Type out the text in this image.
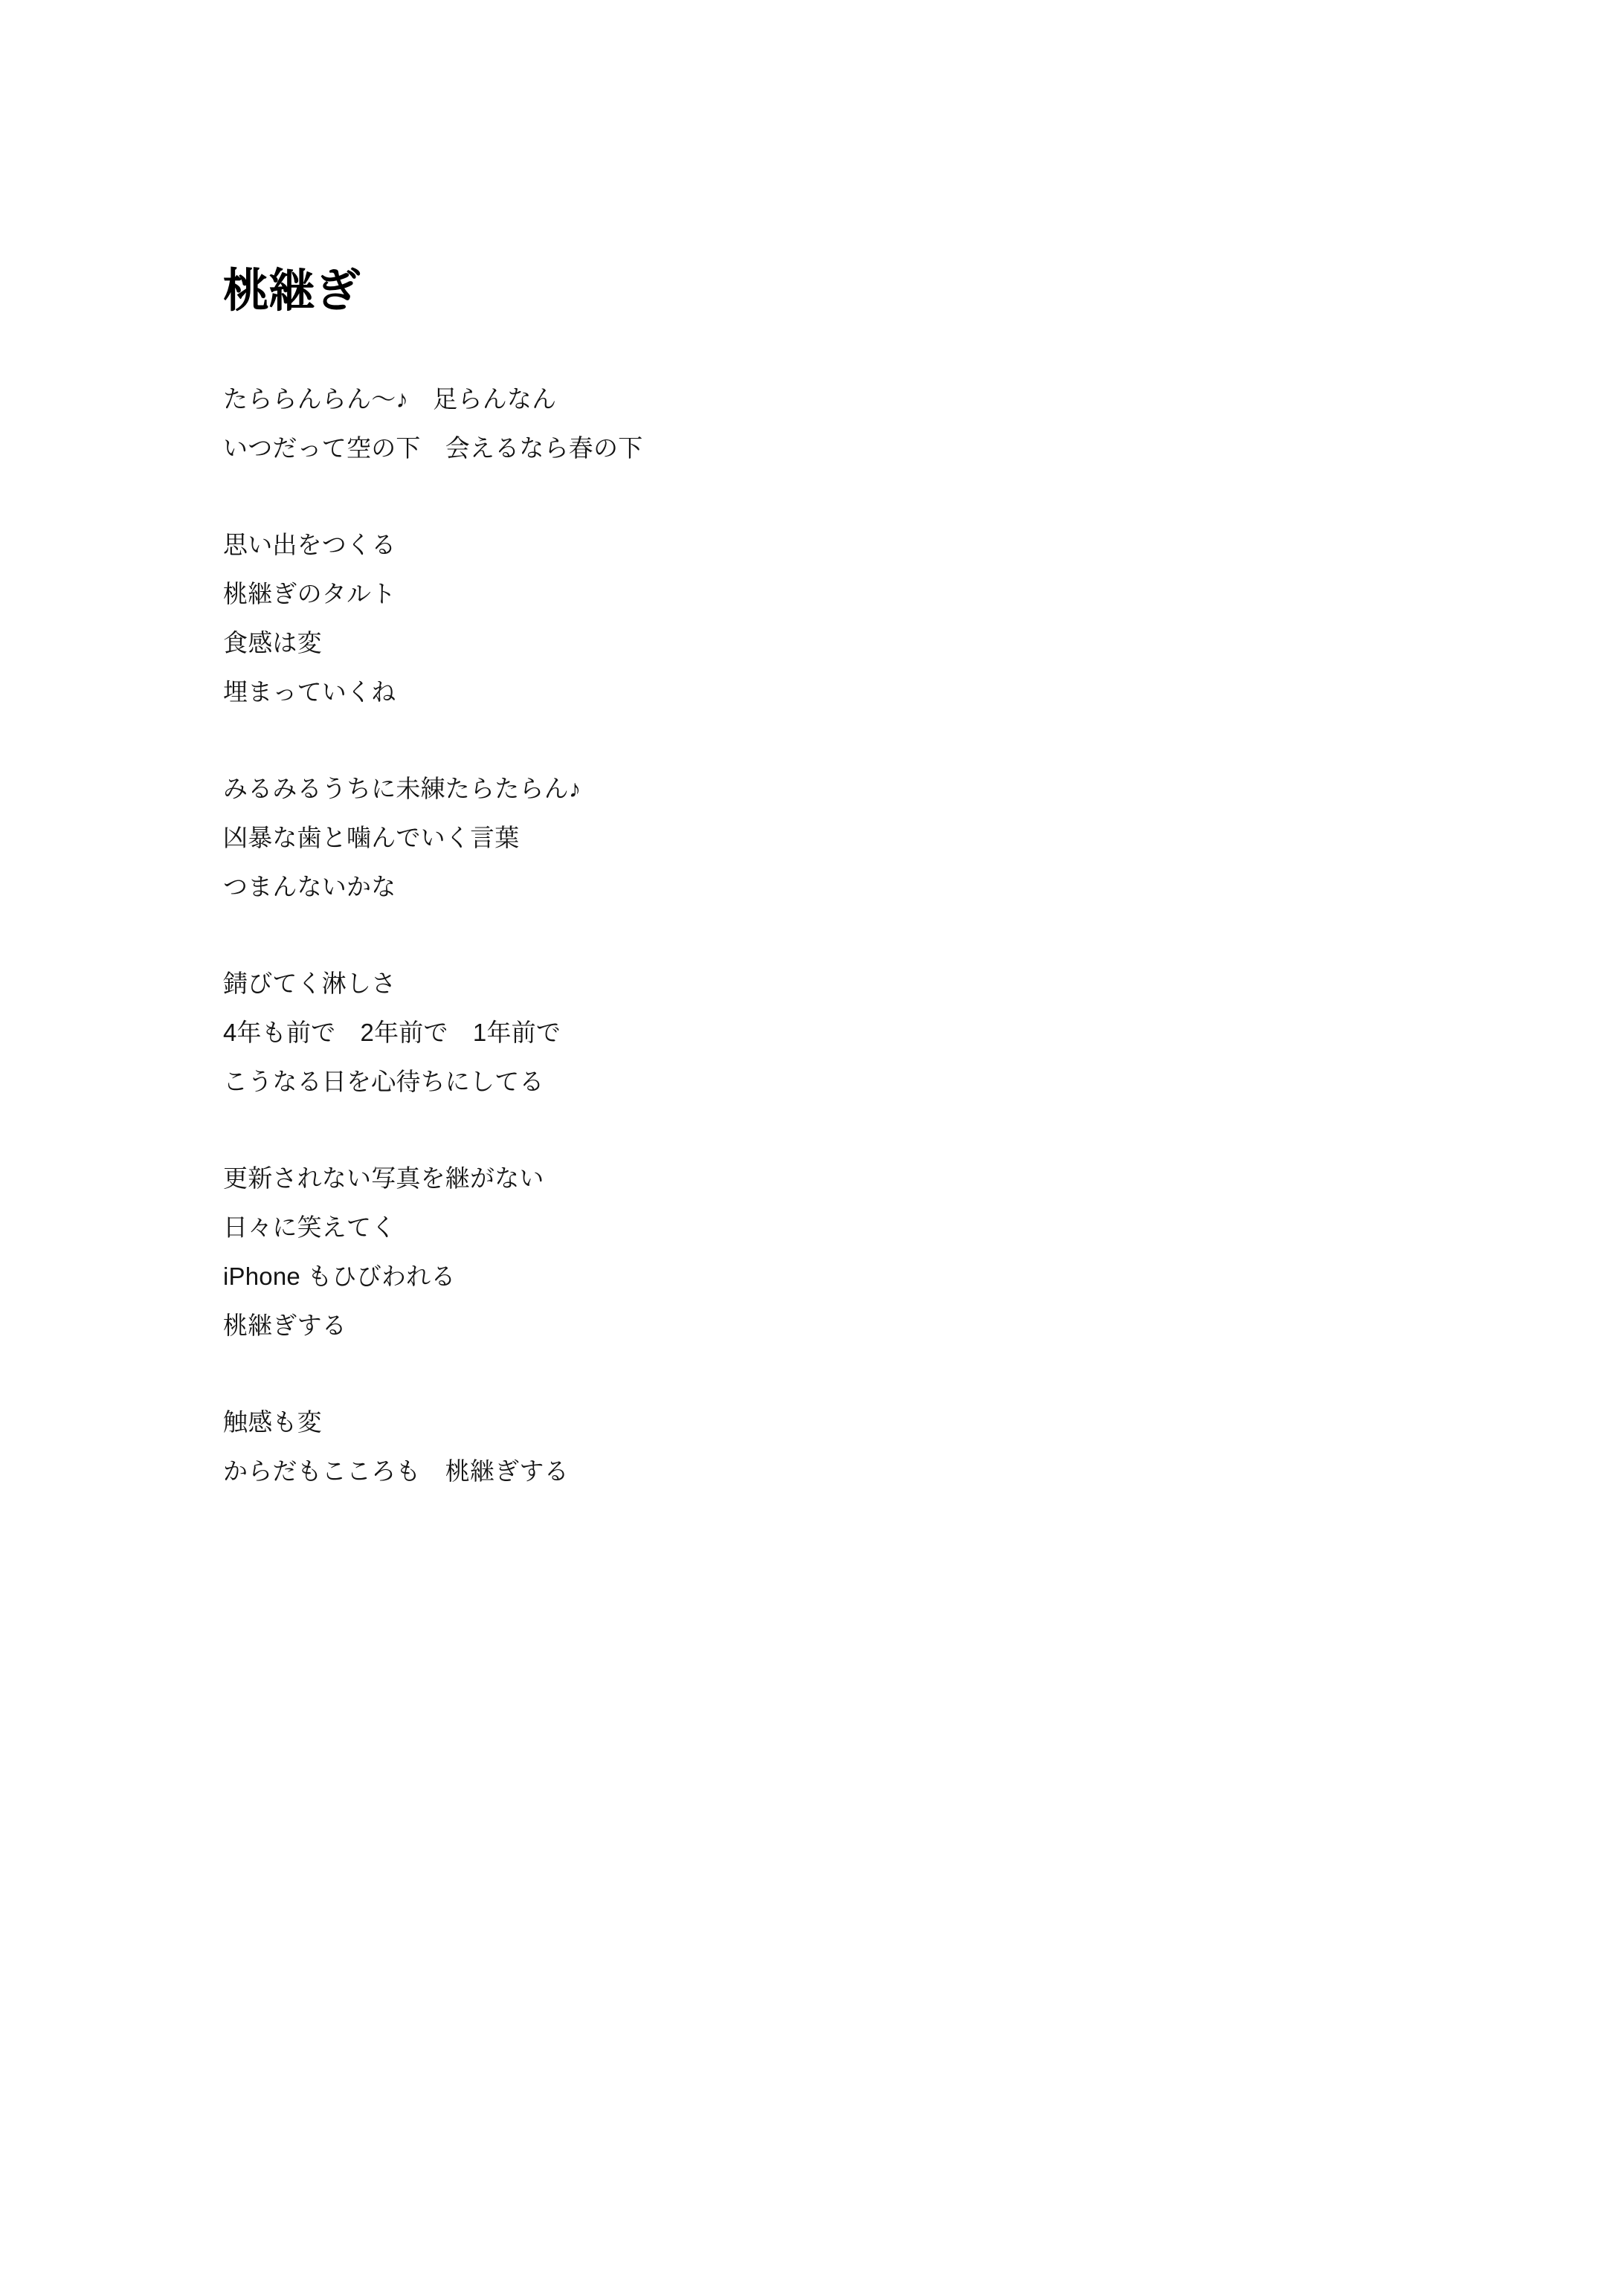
桃継ぎ
たららんらん〜♪　足らんなん
いつだって空の下　会えるなら春の下
思い出をつくる
桃継ぎのタルト
食感は変
埋まっていくね
みるみるうちに未練たらたらん♪
凶暴な歯と噛んでいく言葉
つまんないかな
錆びてく淋しさ
4年も前で　2年前で　1年前で
こうなる日を心待ちにしてる
更新されない写真を継がない
日々に笑えてく
iPhone もひびわれる
桃継ぎする
触感も変
からだもこころも　桃継ぎする
